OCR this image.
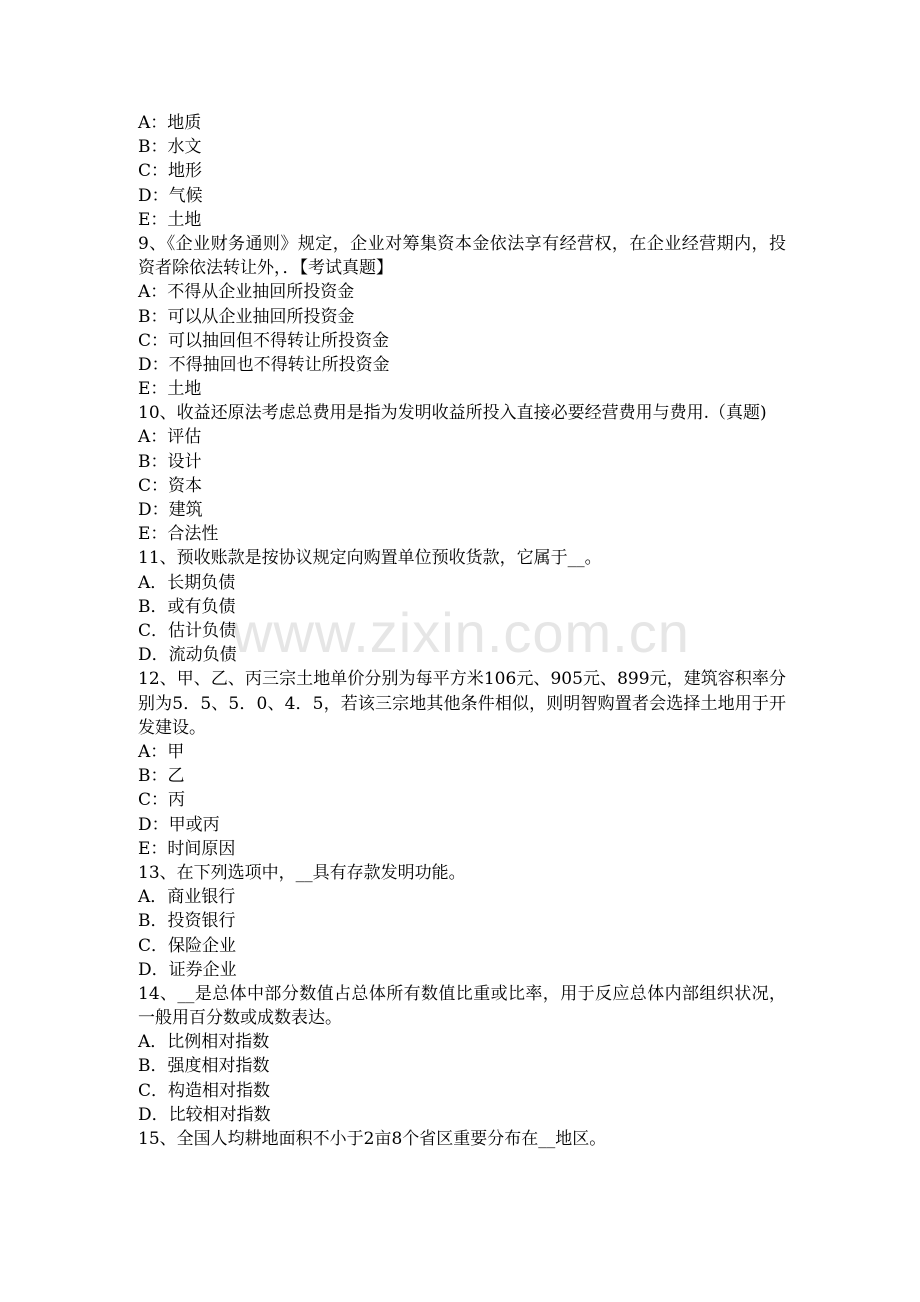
www.zixin.com.cn
A：地质
B：水文
C：地形
D：气候
E：土地
9、《企业财务通则》规定，企业对筹集资本金依法享有经营权，在企业经营期内，投资者除依法转让外，．【考试真题】
A：不得从企业抽回所投资金
B：可以从企业抽回所投资金
C：可以抽回但不得转让所投资金
D：不得抽回也不得转让所投资金
E：土地
10、收益还原法考虑总费用是指为发明收益所投入直接必要经营费用与费用.（真题)
A：评估
B：设计
C：资本
D：建筑
E：合法性
11、预收账款是按协议规定向购置单位预收货款，它属于__。
A．长期负债
B．或有负债
C．估计负债
D．流动负债
12、甲、乙、丙三宗土地单价分别为每平方米106元、905元、899元，建筑容积率分别为5．5、5．0、4．5，若该三宗地其他条件相似，则明智购置者会选择土地用于开发建设。
A：甲
B：乙
C：丙
D：甲或丙
E：时间原因
13、在下列选项中，__具有存款发明功能。
A．商业银行
B．投资银行
C．保险企业
D．证券企业
14、__是总体中部分数值占总体所有数值比重或比率，用于反应总体内部组织状况，一般用百分数或成数表达。
A．比例相对指数
B．强度相对指数
C．构造相对指数
D．比较相对指数
15、全国人均耕地面积不小于2亩8个省区重要分布在__地区。
